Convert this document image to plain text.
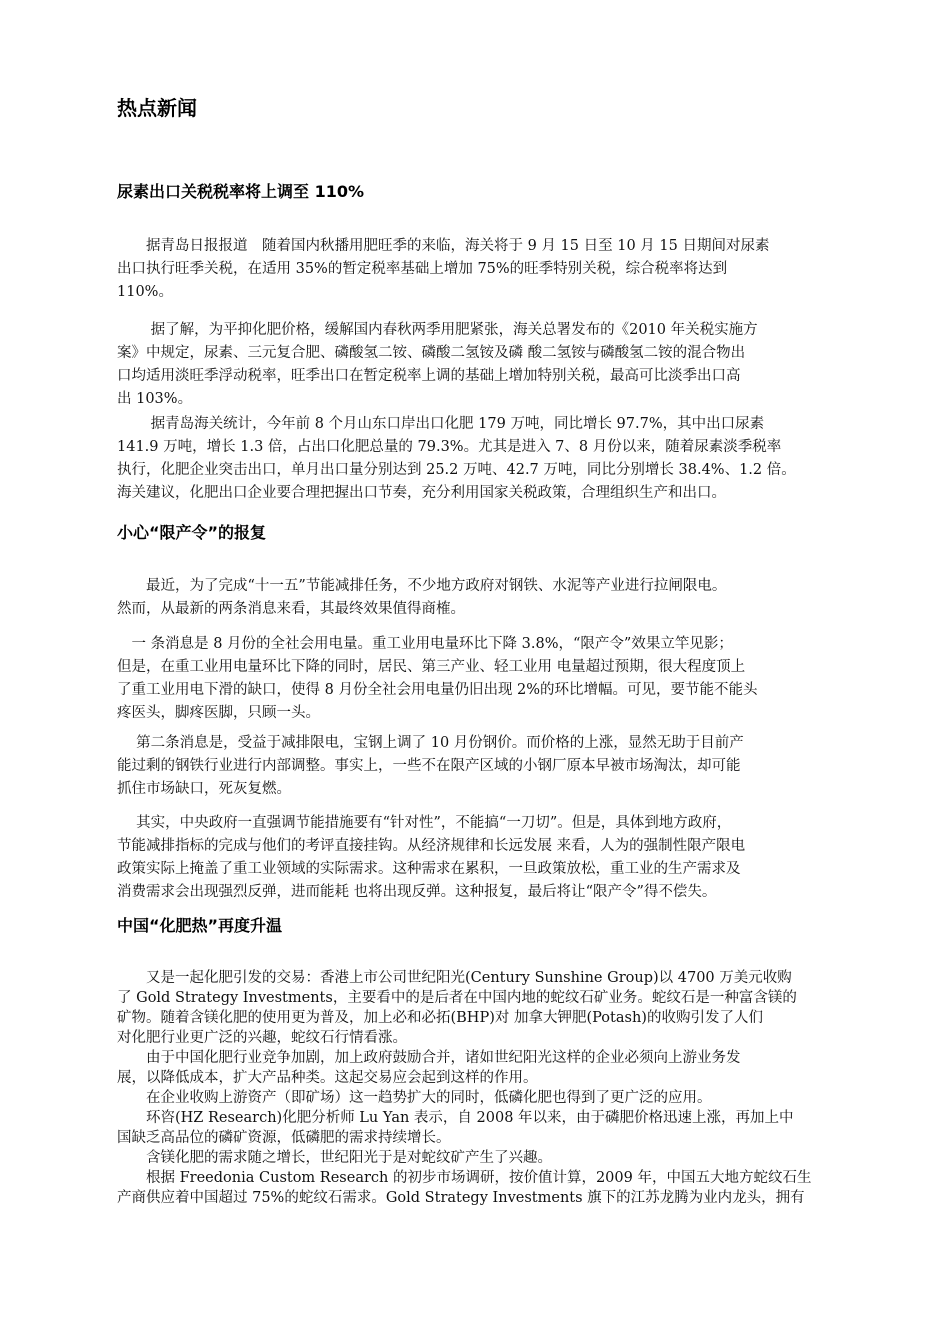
热点新闻
尿素出口关税税率将上调至 110%

　　据青岛日报报道　随着国内秋播用肥旺季的来临，海关将于 9 月 15 日至 10 月 15 日期间对尿素
出口执行旺季关税，在适用 35%的暂定税率基础上增加 75%的旺季特别关税，综合税率将达到
110%。

　　 据了解，为平抑化肥价格，缓解国内春秋两季用肥紧张，海关总署发布的《2010 年关税实施方
案》中规定，尿素、三元复合肥、磷酸氢二铵、磷酸二氢铵及磷 酸二氢铵与磷酸氢二铵的混合物出
口均适用淡旺季浮动税率，旺季出口在暂定税率上调的基础上增加特别关税，最高可比淡季出口高
出 103%。

　　 据青岛海关统计，今年前 8 个月山东口岸出口化肥 179 万吨，同比增长 97.7%，其中出口尿素
141.9 万吨，增长 1.3 倍，占出口化肥总量的 79.3%。尤其是进入 7、8 月份以来，随着尿素淡季税率
执行，化肥企业突击出口，单月出口量分别达到 25.2 万吨、42.7 万吨，同比分别增长 38.4%、1.2 倍。
海关建议，化肥出口企业要合理把握出口节奏，充分利用国家关税政策，合理组织生产和出口。

小心“限产令”的报复

　　最近，为了完成“十一五”节能减排任务，不少地方政府对钢铁、水泥等产业进行拉闸限电。
然而，从最新的两条消息来看，其最终效果值得商榷。

　一 条消息是 8 月份的全社会用电量。重工业用电量环比下降 3.8%，“限产令”效果立竿见影；
但是，在重工业用电量环比下降的同时，居民、第三产业、轻工业用 电量超过预期，很大程度顶上
了重工业用电下滑的缺口，使得 8 月份全社会用电量仍旧出现 2%的环比增幅。可见，要节能不能头
疼医头，脚疼医脚，只顾一头。

　 第二条消息是，受益于减排限电，宝钢上调了 10 月份钢价。而价格的上涨，显然无助于目前产
能过剩的钢铁行业进行内部调整。事实上，一些不在限产区域的小钢厂原本早被市场淘汰，却可能
抓住市场缺口，死灰复燃。

　 其实，中央政府一直强调节能措施要有“针对性”，不能搞“一刀切”。但是，具体到地方政府，
节能减排指标的完成与他们的考评直接挂钩。从经济规律和长远发展 来看，人为的强制性限产限电
政策实际上掩盖了重工业领域的实际需求。这种需求在累积，一旦政策放松，重工业的生产需求及
消费需求会出现强烈反弹，进而能耗 也将出现反弹。这种报复，最后将让“限产令”得不偿失。

中国“化肥热”再度升温

　　又是一起化肥引发的交易：香港上市公司世纪阳光(Century Sunshine Group)以 4700 万美元收购
了 Gold Strategy Investments，主要看中的是后者在中国内地的蛇纹石矿业务。蛇纹石是一种富含镁的
矿物。随着含镁化肥的使用更为普及，加上必和必拓(BHP)对 加拿大钾肥(Potash)的收购引发了人们
对化肥行业更广泛的兴趣，蛇纹石行情看涨。
　　由于中国化肥行业竞争加剧，加上政府鼓励合并，诸如世纪阳光这样的企业必须向上游业务发
展，以降低成本，扩大产品种类。这起交易应会起到这样的作用。
　　在企业收购上游资产（即矿场）这一趋势扩大的同时，低磷化肥也得到了更广泛的应用。
　　环咨(HZ Research)化肥分析师 Lu Yan 表示，自 2008 年以来，由于磷肥价格迅速上涨，再加上中
国缺乏高品位的磷矿资源，低磷肥的需求持续增长。
　　含镁化肥的需求随之增长，世纪阳光于是对蛇纹矿产生了兴趣。
　　根据 Freedonia Custom Research 的初步市场调研，按价值计算，2009 年，中国五大地方蛇纹石生
产商供应着中国超过 75%的蛇纹石需求。Gold Strategy Investments 旗下的江苏龙腾为业内龙头，拥有
